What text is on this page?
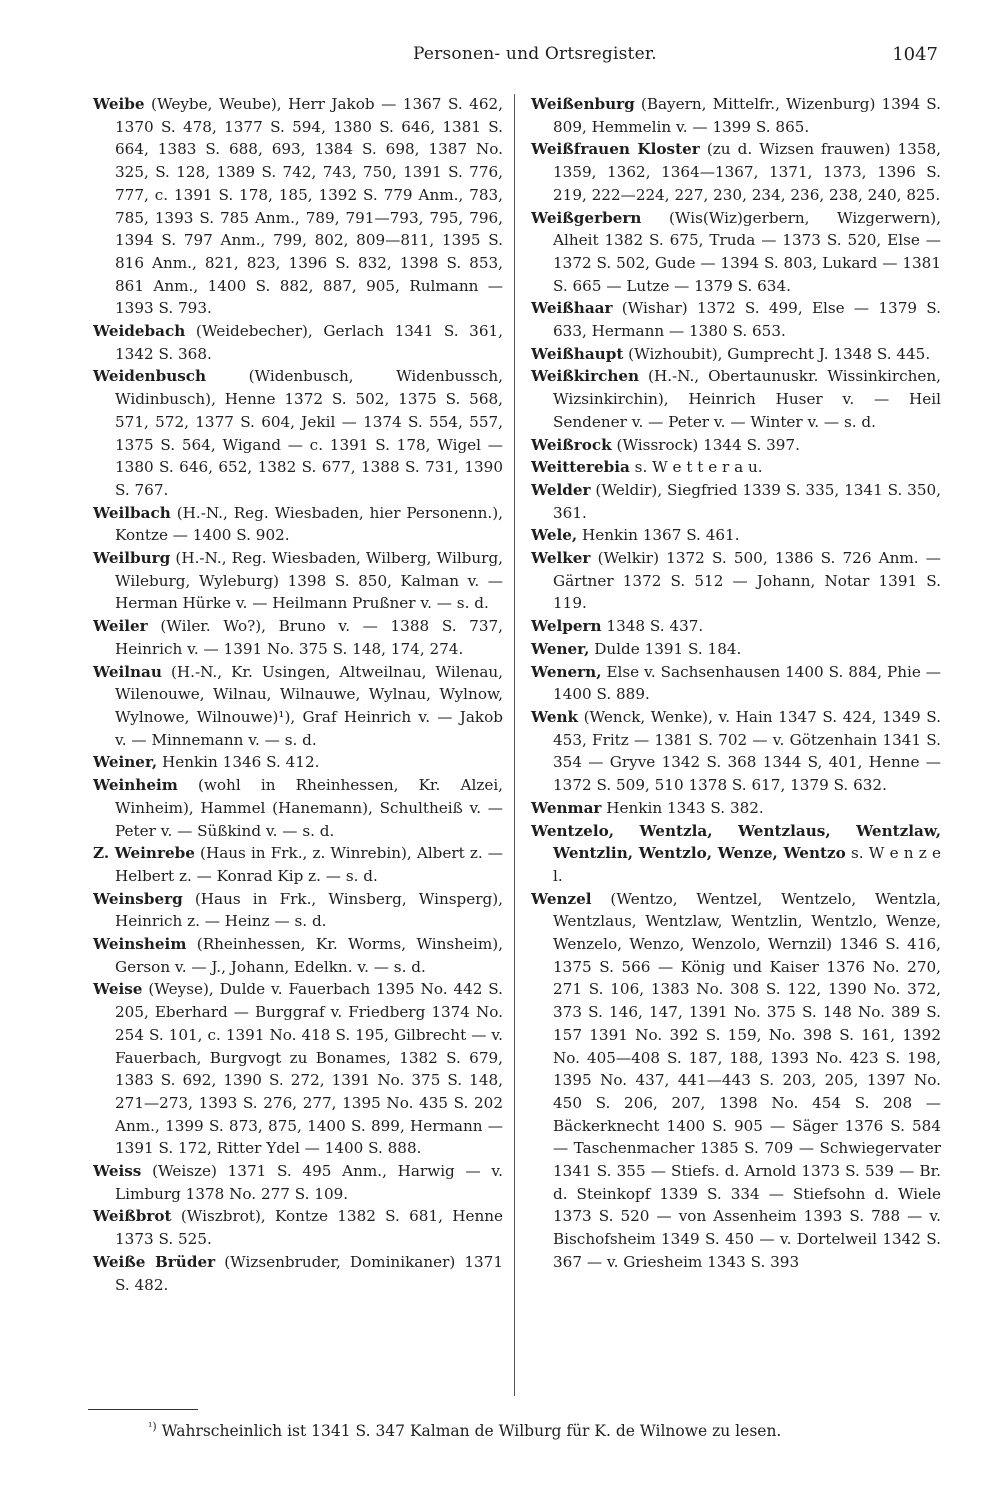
Personen- und Ortsregister.	1047

Weibe (Weybe, Weube), Herr Jakob — 1367 S. 462, 1370 S. 478, 1377 S. 594, 1380 S. 646, 1381 S. 664, 1383 S. 688, 693, 1384 S. 698, 1387 No. 325, S. 128, 1389 S. 742, 743, 750, 1391 S. 776, 777, c. 1391 S. 178, 185, 1392 S. 779 Anm., 783, 785, 1393 S. 785 Anm., 789, 791—793, 795, 796, 1394 S. 797 Anm., 799, 802, 809—811, 1395 S. 816 Anm., 821, 823, 1396 S. 832, 1398 S. 853, 861 Anm., 1400 S. 882, 887, 905, Rulmann — 1393 S. 793.

Weidebach (Weidebecher), Gerlach 1341 S. 361, 1342 S. 368.

Weidenbusch (Widenbusch, Widenbussch, Widinbusch), Henne 1372 S. 502, 1375 S. 568, 571, 572, 1377 S. 604, Jekil — 1374 S. 554, 557, 1375 S. 564, Wigand — c. 1391 S. 178, Wigel — 1380 S. 646, 652, 1382 S. 677, 1388 S. 731, 1390 S. 767.

Weilbach (H.-N., Reg. Wiesbaden, hier Personenn.), Kontze — 1400 S. 902.

Weilburg (H.-N., Reg. Wiesbaden, Wilberg, Wilburg, Wileburg, Wyleburg) 1398 S. 850, Kalman v. — Herman Hürke v. — Heilmann Prußner v. — s. d.

Weiler (Wiler. Wo?), Bruno v. — 1388 S. 737, Heinrich v. — 1391 No. 375 S. 148, 174, 274.

Weilnau (H.-N., Kr. Usingen, Altweilnau, Wilenau, Wilenouwe, Wilnau, Wilnauwe, Wylnau, Wylnow, Wylnowe, Wilnouwe)¹), Graf Heinrich v. — Jakob v. — Minnemann v. — s. d.

Weiner, Henkin 1346 S. 412.

Weinheim (wohl in Rheinhessen, Kr. Alzei, Winheim), Hammel (Hanemann), Schultheiß v. — Peter v. — Süßkind v. — s. d.

Z. Weinrebe (Haus in Frk., z. Winrebin), Albert z. — Helbert z. — Konrad Kip z. — s. d.

Weinsberg (Haus in Frk., Winsberg, Winsperg), Heinrich z. — Heinz — s. d.

Weinsheim (Rheinhessen, Kr. Worms, Winsheim), Gerson v. — J., Johann, Edelkn. v. — s. d.

Weise (Weyse), Dulde v. Fauerbach 1395 No. 442 S. 205, Eberhard — Burggraf v. Friedberg 1374 No. 254 S. 101, c. 1391 No. 418 S. 195, Gilbrecht — v. Fauerbach, Burgvogt zu Bonames, 1382 S. 679, 1383 S. 692, 1390 S. 272, 1391 No. 375 S. 148, 271—273, 1393 S. 276, 277, 1395 No. 435 S. 202 Anm., 1399 S. 873, 875, 1400 S. 899, Hermann — 1391 S. 172, Ritter Ydel — 1400 S. 888.

Weiss (Weisze) 1371 S. 495 Anm., Harwig — v. Limburg 1378 No. 277 S. 109.

Weißbrot (Wiszbrot), Kontze 1382 S. 681, Henne 1373 S. 525.

Weiße Brüder (Wizsenbruder, Dominikaner) 1371 S. 482.

Weißenburg (Bayern, Mittelfr., Wizenburg) 1394 S. 809, Hemmelin v. — 1399 S. 865.

Weißfrauen Kloster (zu d. Wizsen frauwen) 1358, 1359, 1362, 1364—1367, 1371, 1373, 1396 S. 219, 222—224, 227, 230, 234, 236, 238, 240, 825.

Weißgerbern (Wis(Wiz)gerbern, Wizgerwern), Alheit 1382 S. 675, Truda — 1373 S. 520, Else — 1372 S. 502, Gude — 1394 S. 803, Lukard — 1381 S. 665 — Lutze — 1379 S. 634.

Weißhaar (Wishar) 1372 S. 499, Else — 1379 S. 633, Hermann — 1380 S. 653.

Weißhaupt (Wizhoubit), Gumprecht J. 1348 S. 445.

Weißkirchen (H.-N., Obertaunuskr. Wissinkirchen, Wizsinkirchin), Heinrich Huser v. — Heil Sendener v. — Peter v. — Winter v. — s. d.

Weißrock (Wissrock) 1344 S. 397.

Weitterebia s. W e t t e r a u.

Welder (Weldir), Siegfried 1339 S. 335, 1341 S. 350, 361.

Wele, Henkin 1367 S. 461.

Welker (Welkir) 1372 S. 500, 1386 S. 726 Anm. — Gärtner 1372 S. 512 — Johann, Notar 1391 S. 119.

Welpern 1348 S. 437.

Wener, Dulde 1391 S. 184.

Wenern, Else v. Sachsenhausen 1400 S. 884, Phie — 1400 S. 889.

Wenk (Wenck, Wenke), v. Hain 1347 S. 424, 1349 S. 453, Fritz — 1381 S. 702 — v. Götzenhain 1341 S. 354 — Gryve 1342 S. 368 1344 S, 401, Henne — 1372 S. 509, 510 1378 S. 617, 1379 S. 632.

Wenmar Henkin 1343 S. 382.

Wentzelo, Wentzla, Wentzlaus, Wentzlaw, Wentzlin, Wentzlo, Wenze, Wentzo s. W e n z e l.

Wenzel (Wentzo, Wentzel, Wentzelo, Wentzla, Wentzlaus, Wentzlaw, Wentzlin, Wentzlo, Wenze, Wenzelo, Wenzo, Wenzolo, Wernzil) 1346 S. 416, 1375 S. 566 — König und Kaiser 1376 No. 270, 271 S. 106, 1383 No. 308 S. 122, 1390 No. 372, 373 S. 146, 147, 1391 No. 375 S. 148 No. 389 S. 157 1391 No. 392 S. 159, No. 398 S. 161, 1392 No. 405—408 S. 187, 188, 1393 No. 423 S. 198, 1395 No. 437, 441—443 S. 203, 205, 1397 No. 450 S. 206, 207, 1398 No. 454 S. 208 — Bäckerknecht 1400 S. 905 — Säger 1376 S. 584 — Taschenmacher 1385 S. 709 — Schwiegervater 1341 S. 355 — Stiefs. d. Arnold 1373 S. 539 — Br. d. Steinkopf 1339 S. 334 — Stiefsohn d. Wiele 1373 S. 520 — von Assenheim 1393 S. 788 — v. Bischofsheim 1349 S. 450 — v. Dortelweil 1342 S. 367 — v. Griesheim 1343 S. 393

$^{^1)}$ Wahrscheinlich ist 1341 S. 347 Kalman de Wilburg für K. de Wilnowe zu lesen.
